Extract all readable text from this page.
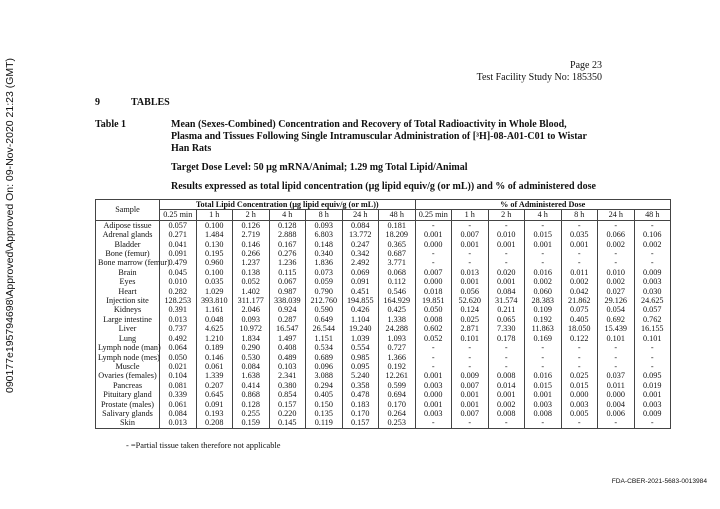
Page 23
Test Facility Study No: 185350
090177e195794698\Approved\Approved On: 09-Nov-2020 21:23 (GMT)	9	TABLES
Table 1	Mean (Sexes-Combined) Concentration and Recovery of Total Radioactivity in Whole Blood,
Plasma and Tissues Following Single Intramuscular Administration of [³H]-08-A01-C01 to Wistar
Han Rats
Target Dose Level: 50 µg mRNA/Animal; 1.29 mg Total Lipid/Animal
Results expressed as total lipid concentration (µg lipid equiv/g (or mL)) and % of administered dose
Sample	Total Lipid Concentration (µg lipid equiv/g (or mL))							% of Administered Dose						
	0.25 min	1 h	2 h	4 h	8 h	24 h	48 h	0.25 min	1 h	2 h	4 h	8 h	24 h	48 h
Adipose tissue	0.057	0.100	0.126	0.128	0.093	0.084	0.181	-	-	-	-	-	-	-
Adrenal glands	0.271	1.484	2.719	2.888	6.803	13.772	18.209	0.001	0.007	0.010	0.015	0.035	0.066	0.106
Bladder	0.041	0.130	0.146	0.167	0.148	0.247	0.365	0.000	0.001	0.001	0.001	0.001	0.002	0.002
Bone (femur)	0.091	0.195	0.266	0.276	0.340	0.342	0.687	-	-	-	-	-	-	-
Bone marrow (femur)	0.479	0.960	1.237	1.236	1.836	2.492	3.771	-	-	-	-	-	-	-
Brain	0.045	0.100	0.138	0.115	0.073	0.069	0.068	0.007	0.013	0.020	0.016	0.011	0.010	0.009
Eyes	0.010	0.035	0.052	0.067	0.059	0.091	0.112	0.000	0.001	0.001	0.002	0.002	0.002	0.003
Heart	0.282	1.029	1.402	0.987	0.790	0.451	0.546	0.018	0.056	0.084	0.060	0.042	0.027	0.030
Injection site	128.253	393.810	311.177	338.039	212.760	194.855	164.929	19.851	52.620	31.574	28.383	21.862	29.126	24.625
Kidneys	0.391	1.161	2.046	0.924	0.590	0.426	0.425	0.050	0.124	0.211	0.109	0.075	0.054	0.057
Large intestine	0.013	0.048	0.093	0.287	0.649	1.104	1.338	0.008	0.025	0.065	0.192	0.405	0.692	0.762
Liver	0.737	4.625	10.972	16.547	26.544	19.240	24.288	0.602	2.871	7.330	11.863	18.050	15.439	16.155
Lung	0.492	1.210	1.834	1.497	1.151	1.039	1.093	0.052	0.101	0.178	0.169	0.122	0.101	0.101
Lymph node (man)	0.064	0.189	0.290	0.408	0.534	0.554	0.727	-	-	-	-	-	-	-
Lymph node (mes)	0.050	0.146	0.530	0.489	0.689	0.985	1.366	-	-	-	-	-	-	-
Muscle	0.021	0.061	0.084	0.103	0.096	0.095	0.192	-	-	-	-	-	-	-
Ovaries (females)	0.104	1.339	1.638	2.341	3.088	5.240	12.261	0.001	0.009	0.008	0.016	0.025	0.037	0.095
Pancreas	0.081	0.207	0.414	0.380	0.294	0.358	0.599	0.003	0.007	0.014	0.015	0.015	0.011	0.019
Pituitary gland	0.339	0.645	0.868	0.854	0.405	0.478	0.694	0.000	0.001	0.001	0.001	0.000	0.000	0.001
Prostate (males)	0.061	0.091	0.128	0.157	0.150	0.183	0.170	0.001	0.001	0.002	0.003	0.003	0.004	0.003
Salivary glands	0.084	0.193	0.255	0.220	0.135	0.170	0.264	0.003	0.007	0.008	0.008	0.005	0.006	0.009
Skin	0.013	0.208	0.159	0.145	0.119	0.157	0.253	-	-	-	-	-	-	-
- =Partial tissue taken therefore not applicable
FDA-CBER-2021-5683-0013984
